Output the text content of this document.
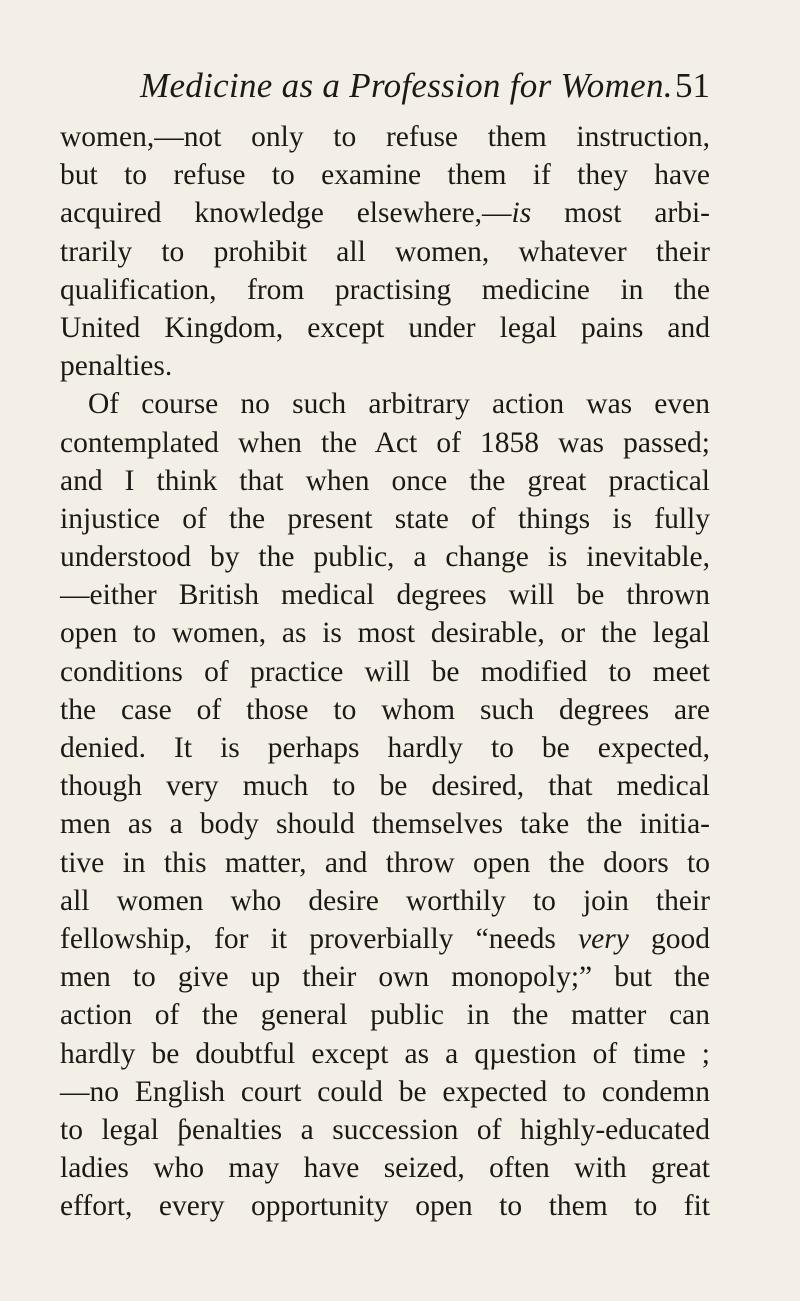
Medicine as a Profession for Women. 51
women,—not only to refuse them instruction,
but to refuse to examine them if they have
acquired knowledge elsewhere,—is most arbi-
trarily to prohibit all women, whatever their
qualification, from practising medicine in the
United Kingdom, except under legal pains and
penalties.
Of course no such arbitrary action was even
contemplated when the Act of 1858 was passed;
and I think that when once the great practical
injustice of the present state of things is fully
understood by the public, a change is inevitable,
—either British medical degrees will be thrown
open to women, as is most desirable, or the legal
conditions of practice will be modified to meet
the case of those to whom such degrees are
denied. It is perhaps hardly to be expected,
though very much to be desired, that medical
men as a body should themselves take the initia-
tive in this matter, and throw open the doors to
all women who desire worthily to join their
fellowship, for it proverbially “needs very good
men to give up their own monopoly;” but the
action of the general public in the matter can
hardly be doubtful except as a qµestion of time ;
—no English court could be expected to condemn
to legal ƥenalties a succession of highly-educated
ladies who may have seized, often with great
effort, every opportunity open to them to fit
